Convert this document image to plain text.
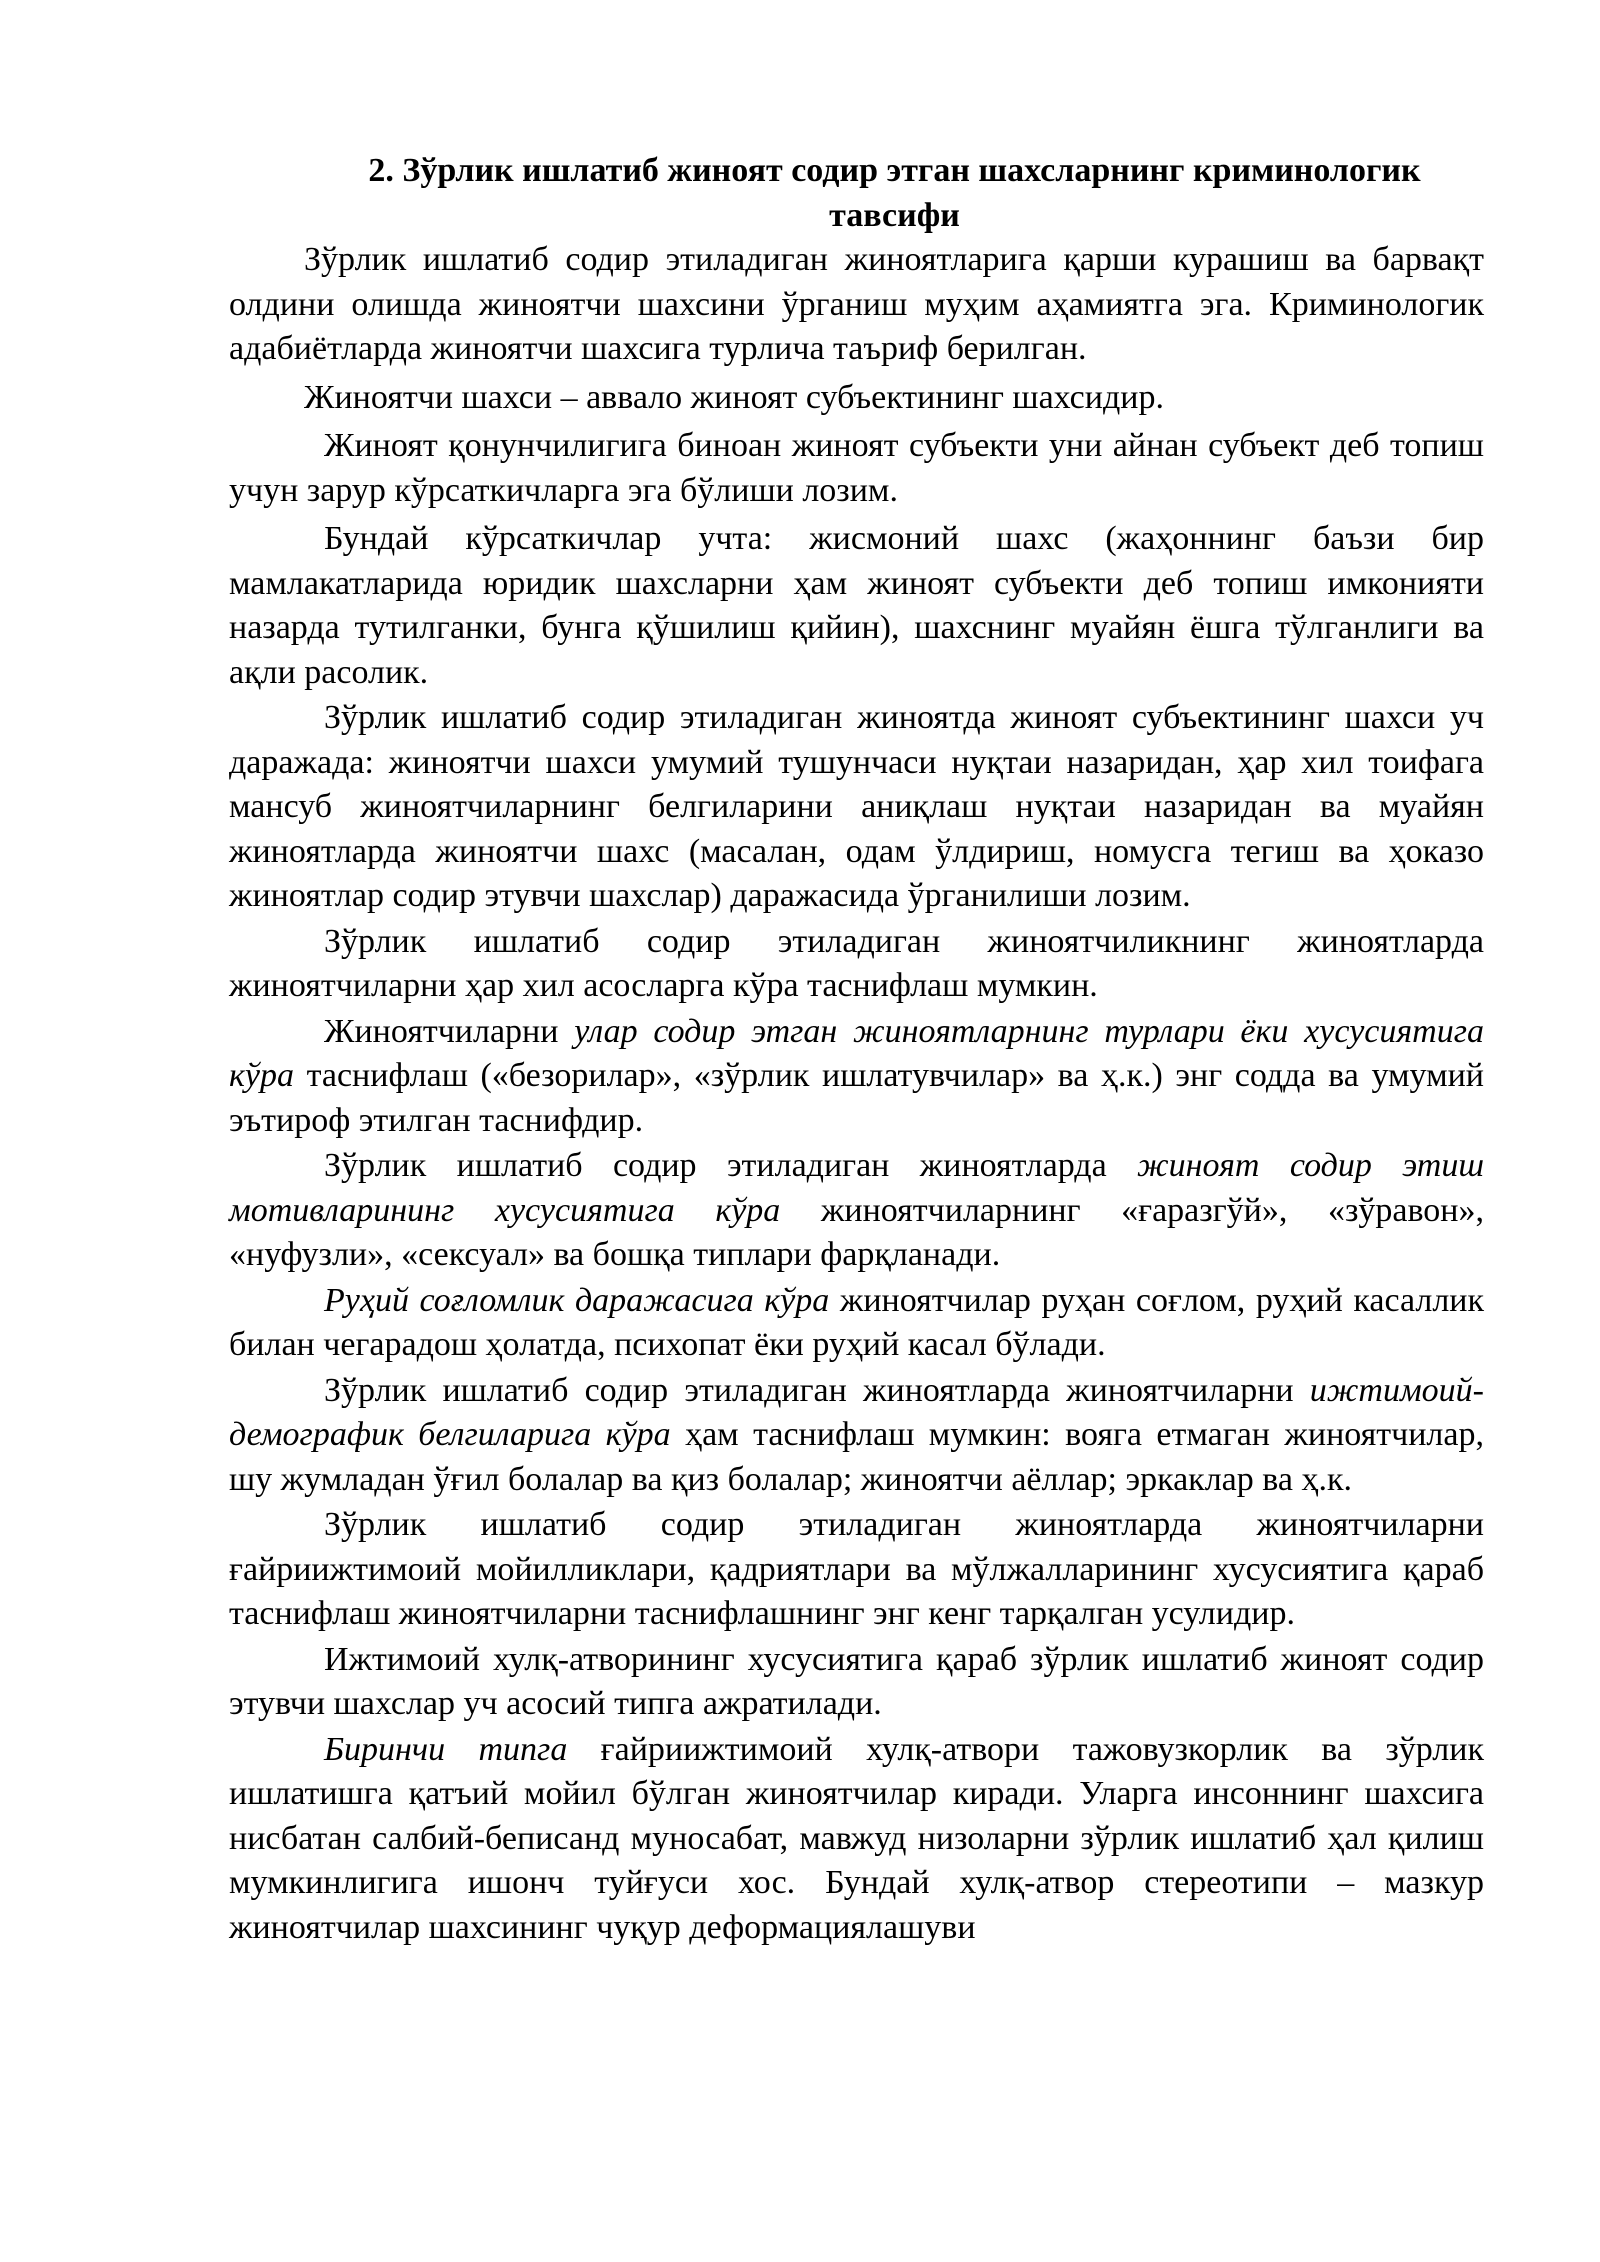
2. Зўрлик ишлатиб жиноят содир этган шахсларнинг криминологик
тавсифи

Зўрлик ишлатиб содир этиладиган жиноятларига қарши курашиш ва барвақт олдини олишда жиноятчи шахсини ўрганиш муҳим аҳамиятга эга. Криминологик адабиётларда жиноятчи шахсига турлича таъриф берилган.

Жиноятчи шахси – аввало жиноят субъектининг шахсидир.

Жиноят қонунчилигига биноан жиноят субъекти уни айнан субъект деб топиш учун зарур кўрсаткичларга эга бўлиши лозим.

Бундай кўрсаткичлар учта: жисмоний шахс (жаҳоннинг баъзи бир мамлакатларида юридик шахсларни ҳам жиноят субъекти деб топиш имконияти назарда тутилганки, бунга қўшилиш қийин), шахснинг муайян ёшга тўлганлиги ва ақли расолик.

Зўрлик ишлатиб содир этиладиган жиноятда жиноят субъектининг шахси уч даражада: жиноятчи шахси умумий тушунчаси нуқтаи назаридан, ҳар хил тоифага мансуб жиноятчиларнинг белгиларини аниқлаш нуқтаи назаридан ва муайян жиноятларда жиноятчи шахс (масалан, одам ўлдириш, номусга тегиш ва ҳоказо жиноятлар содир этувчи шахслар) даражасида ўрганилиши лозим.

Зўрлик ишлатиб содир этиладиган жиноятчиликнинг жиноятларда жиноятчиларни ҳар хил асосларга кўра таснифлаш мумкин.

Жиноятчиларни улар содир этган жиноятларнинг турлари ёки хусусиятига кўра таснифлаш («безорилар», «зўрлик ишлатувчилар» ва ҳ.к.) энг содда ва умумий эътироф этилган таснифдир.

Зўрлик ишлатиб содир этиладиган жиноятларда жиноят содир этиш мотивларининг хусусиятига кўра жиноятчиларнинг «ғаразгўй», «зўравон», «нуфузли», «сексуал» ва бошқа типлари фарқланади.

Руҳий соғломлик даражасига кўра жиноятчилар руҳан соғлом, руҳий касаллик билан чегарадош ҳолатда, психопат ёки руҳий касал бўлади.

Зўрлик ишлатиб содир этиладиган жиноятларда жиноятчиларни ижтимоий-демографик белгиларига кўра ҳам таснифлаш мумкин: вояга етмаган жиноятчилар, шу жумладан ўғил болалар ва қиз болалар; жиноятчи аёллар; эркаклар ва ҳ.к.

Зўрлик ишлатиб содир этиладиган жиноятларда жиноятчиларни ғайриижтимоий мойилликлари, қадриятлари ва мўлжалларининг хусусиятига қараб таснифлаш жиноятчиларни таснифлашнинг энг кенг тарқалган усулидир.

Ижтимоий хулқ-атворининг хусусиятига қараб зўрлик ишлатиб жиноят содир этувчи шахслар уч асосий типга ажратилади.

Биринчи типга ғайриижтимоий хулқ-атвори тажовузкорлик ва зўрлик ишлатишга қатъий мойил бўлган жиноятчилар киради. Уларга инсоннинг шахсига нисбатан салбий-беписанд муносабат, мавжуд низоларни зўрлик ишлатиб ҳал қилиш мумкинлигига ишонч туйғуси хос. Бундай хулқ-атвор стереотипи – мазкур жиноятчилар шахсининг чуқур деформациялашуви
